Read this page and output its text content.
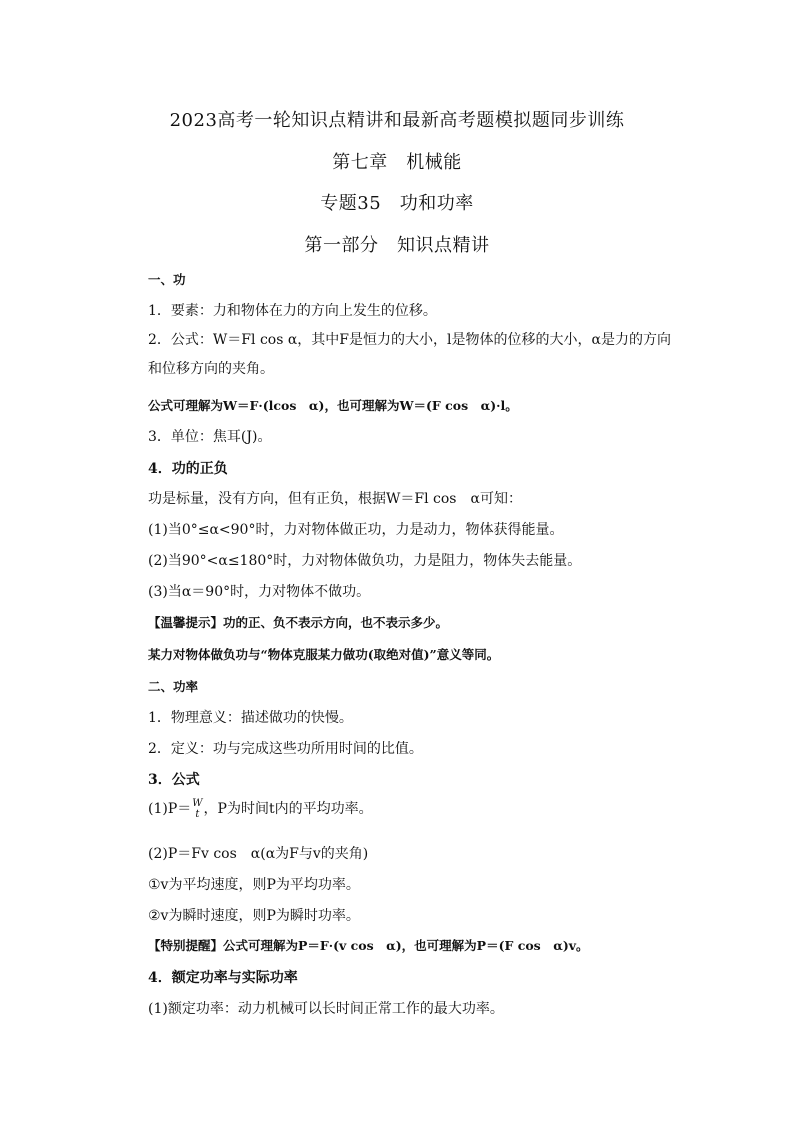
2023高考一轮知识点精讲和最新高考题模拟题同步训练
第七章　机械能
专题35　功和功率
第一部分　知识点精讲
一、功
1．要素：力和物体在力的方向上发生的位移。
2．公式：W＝Fl cos α，其中F是恒力的大小，l是物体的位移的大小，α是力的方向和位移方向的夹角。
公式可理解为W＝F·(lcos　α)，也可理解为W＝(F cos　α)·l。
3．单位：焦耳(J)。
4．功的正负
功是标量，没有方向，但有正负，根据W＝Fl cos　α可知：
(1)当0°≤α<90°时，力对物体做正功，力是动力，物体获得能量。
(2)当90°<α≤180°时，力对物体做负功，力是阻力，物体失去能量。
(3)当α＝90°时，力对物体不做功。
【温馨提示】功的正、负不表示方向，也不表示多少。
某力对物体做负功与“物体克服某力做功(取绝对值)”意义等同。
二、功率
1．物理意义：描述做功的快慢。
2．定义：功与完成这些功所用时间的比值。
3．公式
(1)P＝ W
t ，P为时间t内的平均功率。
(2)P＝Fv cos　α(α为F与v的夹角)
①v为平均速度，则P为平均功率。
②v为瞬时速度，则P为瞬时功率。
【特别提醒】公式可理解为P＝F·(v cos　α)，也可理解为P＝(F cos　α)v。
4．额定功率与实际功率
(1)额定功率：动力机械可以长时间正常工作的最大功率。
